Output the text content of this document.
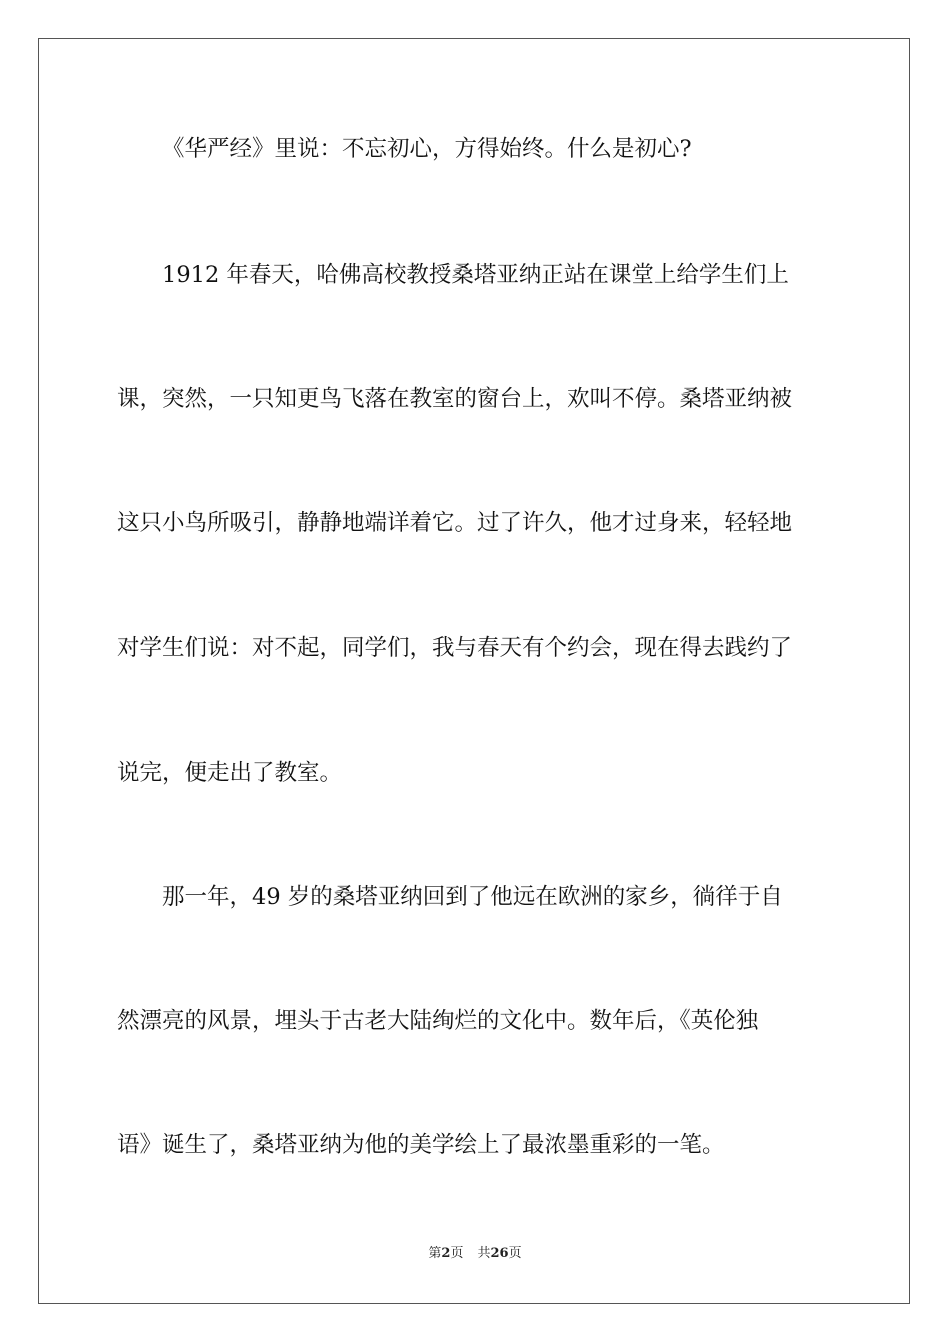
《华严经》里说：不忘初心，方得始终。什么是初心?
1912 年春天，哈佛高校教授桑塔亚纳正站在课堂上给学生们上
课，突然，一只知更鸟飞落在教室的窗台上，欢叫不停。桑塔亚纳被
这只小鸟所吸引，静静地端详着它。过了许久，他才过身来，轻轻地
对学生们说：对不起，同学们，我与春天有个约会，现在得去践约了
说完，便走出了教室。
那一年，49 岁的桑塔亚纳回到了他远在欧洲的家乡，徜徉于自
然漂亮的风景，埋头于古老大陆绚烂的文化中。数年后，《英伦独
语》诞生了，桑塔亚纳为他的美学绘上了最浓墨重彩的一笔。
第2页 共26页
